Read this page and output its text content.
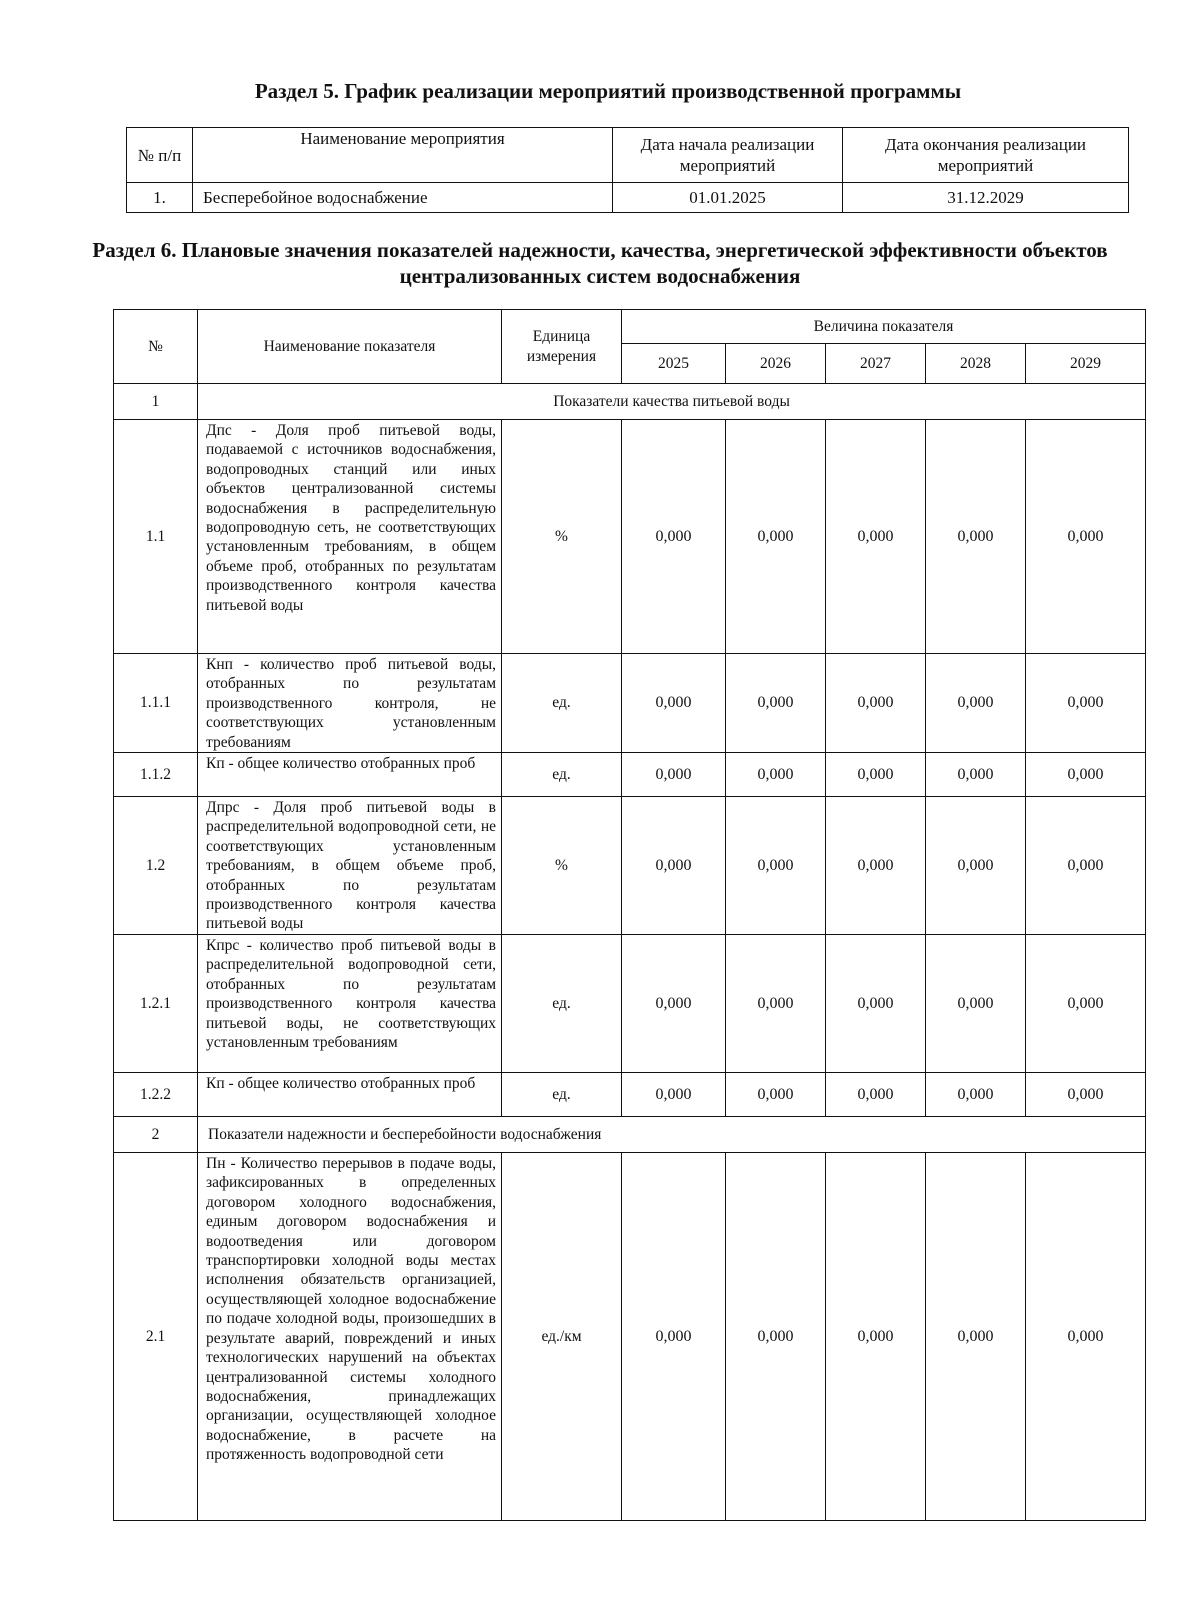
Раздел 5. График реализации мероприятий производственной программы
№ п/п	Наименование мероприятия	Дата начала реализации мероприятий	Дата окончания реализации мероприятий
1.	Бесперебойное водоснабжение	01.01.2025	31.12.2029
Раздел 6. Плановые значения показателей надежности, качества, энергетической эффективности объектов централизованных систем водоснабжения
№	Наименование показателя	Единица измерения	Величина показателя				
			2025	2026	2027	2028	2029
1	Показатели качества питьевой воды						
1.1	Дпс - Доля проб питьевой воды, подаваемой с источников водоснабжения, водопроводных станций или иных объектов централизованной системы водоснабжения в распределительную водопроводную сеть, не соответствующих установленным требованиям, в общем объеме проб, отобранных по результатам производственного контроля качества питьевой воды	%	0,000	0,000	0,000	0,000	0,000
1.1.1	Кнп - количество проб питьевой воды, отобранных по результатам производственного контроля, не соответствующих установленным требованиям	ед.	0,000	0,000	0,000	0,000	0,000
1.1.2	Кп - общее количество отобранных проб	ед.	0,000	0,000	0,000	0,000	0,000
1.2	Дпрс - Доля проб питьевой воды в распределительной водопроводной сети, не соответствующих установленным требованиям, в общем объеме проб, отобранных по результатам производственного контроля качества питьевой воды	%	0,000	0,000	0,000	0,000	0,000
1.2.1	Кпрс - количество проб питьевой воды в распределительной водопроводной сети, отобранных по результатам производственного контроля качества питьевой воды, не соответствующих установленным требованиям	ед.	0,000	0,000	0,000	0,000	0,000
1.2.2	Кп - общее количество отобранных проб	ед.	0,000	0,000	0,000	0,000	0,000
2	Показатели надежности и бесперебойности водоснабжения						
2.1	Пн - Количество перерывов в подаче воды, зафиксированных в определенных договором холодного водоснабжения, единым договором водоснабжения и водоотведения или договором транспортировки холодной воды местах исполнения обязательств организацией, осуществляющей холодное водоснабжение по подаче холодной воды, произошедших в результате аварий, повреждений и иных технологических нарушений на объектах централизованной системы холодного водоснабжения, принадлежащих организации, осуществляющей холодное водоснабжение, в расчете на протяженность водопроводной сети	ед./км	0,000	0,000	0,000	0,000	0,000
